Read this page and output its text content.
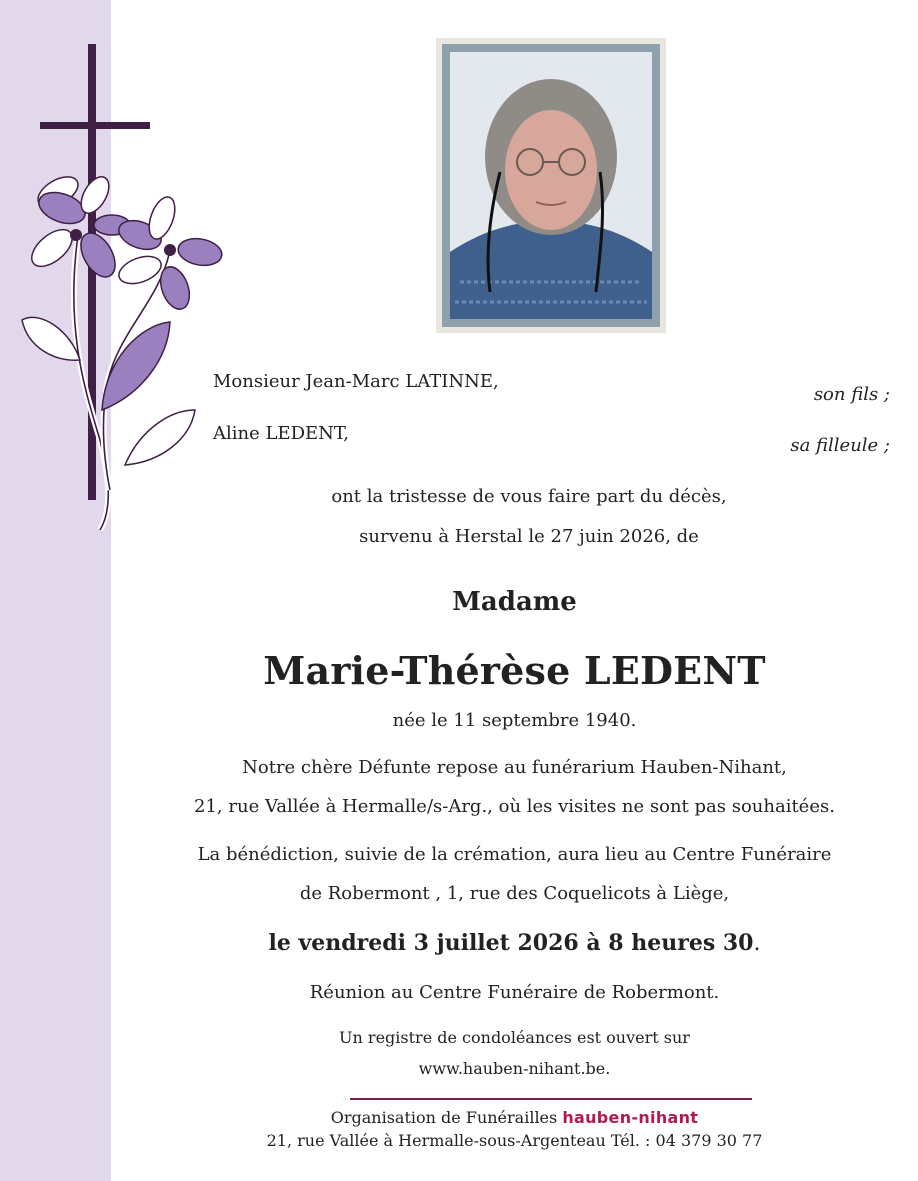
Monsieur Jean-Marc LATINNE,
son fils ;
Aline LEDENT,
sa filleule ;
ont la tristesse de vous faire part du décès,
survenu à Herstal le 27 juin 2026, de
Madame
Marie-Thérèse LEDENT
née le 11 septembre 1940.
Notre chère Défunte repose au funérarium Hauben-Nihant,
21, rue Vallée à Hermalle/s-Arg., où les visites ne sont pas souhaitées.
La bénédiction, suivie de la crémation, aura lieu au Centre Funéraire
de Robermont , 1, rue des Coquelicots à Liège,
le vendredi 3 juillet 2026 à 8 heures 30.
Réunion au Centre Funéraire de Robermont.
Un registre de condoléances est ouvert sur
www.hauben-nihant.be.
Organisation de Funérailles hauben-nihant
21, rue Vallée à Hermalle-sous-Argenteau Tél. : 04 379 30 77
